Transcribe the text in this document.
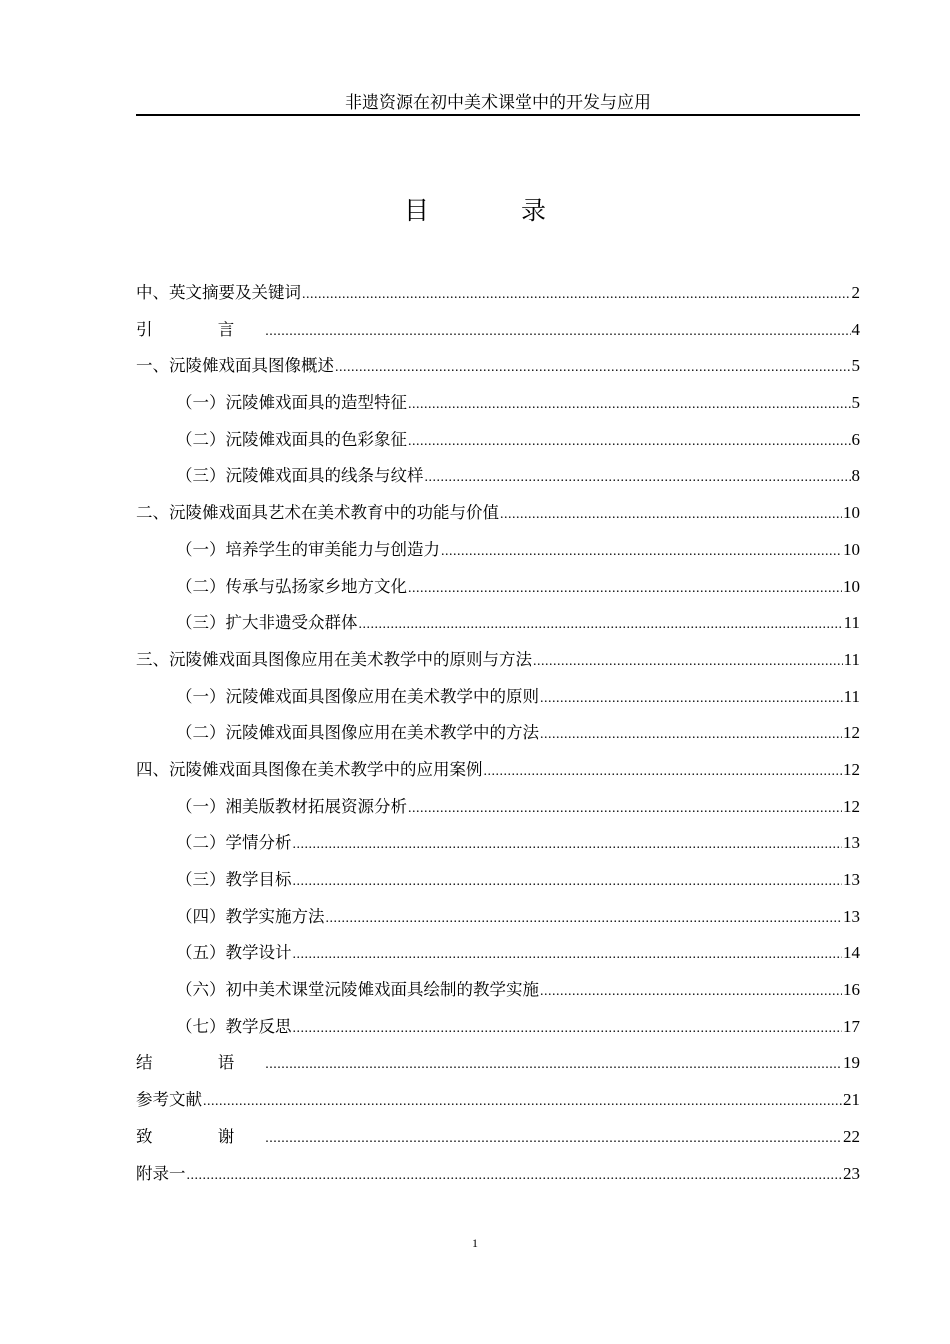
非遗资源在初中美术课堂中的开发与应用
目 录
中、英文摘要及关键词 .....	2
引 言 .....	4
一、沅陵傩戏面具图像概述 .....	5
（一）沅陵傩戏面具的造型特征 .....	5
（二）沅陵傩戏面具的色彩象征 .....	6
（三）沅陵傩戏面具的线条与纹样 .....	8
二、沅陵傩戏面具艺术在美术教育中的功能与价值 .....	10
（一）培养学生的审美能力与创造力 .....	10
（二）传承与弘扬家乡地方文化 .....	10
（三）扩大非遗受众群体 .....	11
三、沅陵傩戏面具图像应用在美术教学中的原则与方法 .....	11
（一）沅陵傩戏面具图像应用在美术教学中的原则 .....	11
（二）沅陵傩戏面具图像应用在美术教学中的方法 .....	12
四、沅陵傩戏面具图像在美术教学中的应用案例 .....	12
（一）湘美版教材拓展资源分析 .....	12
（二）学情分析 .....	13
（三）教学目标 .....	13
（四）教学实施方法 .....	13
（五）教学设计 .....	14
（六）初中美术课堂沅陵傩戏面具绘制的教学实施 .....	16
（七）教学反思 .....	17
结 语 .....	19
参考文献 .....	21
致 谢 .....	22
附录一 .....	23
1
